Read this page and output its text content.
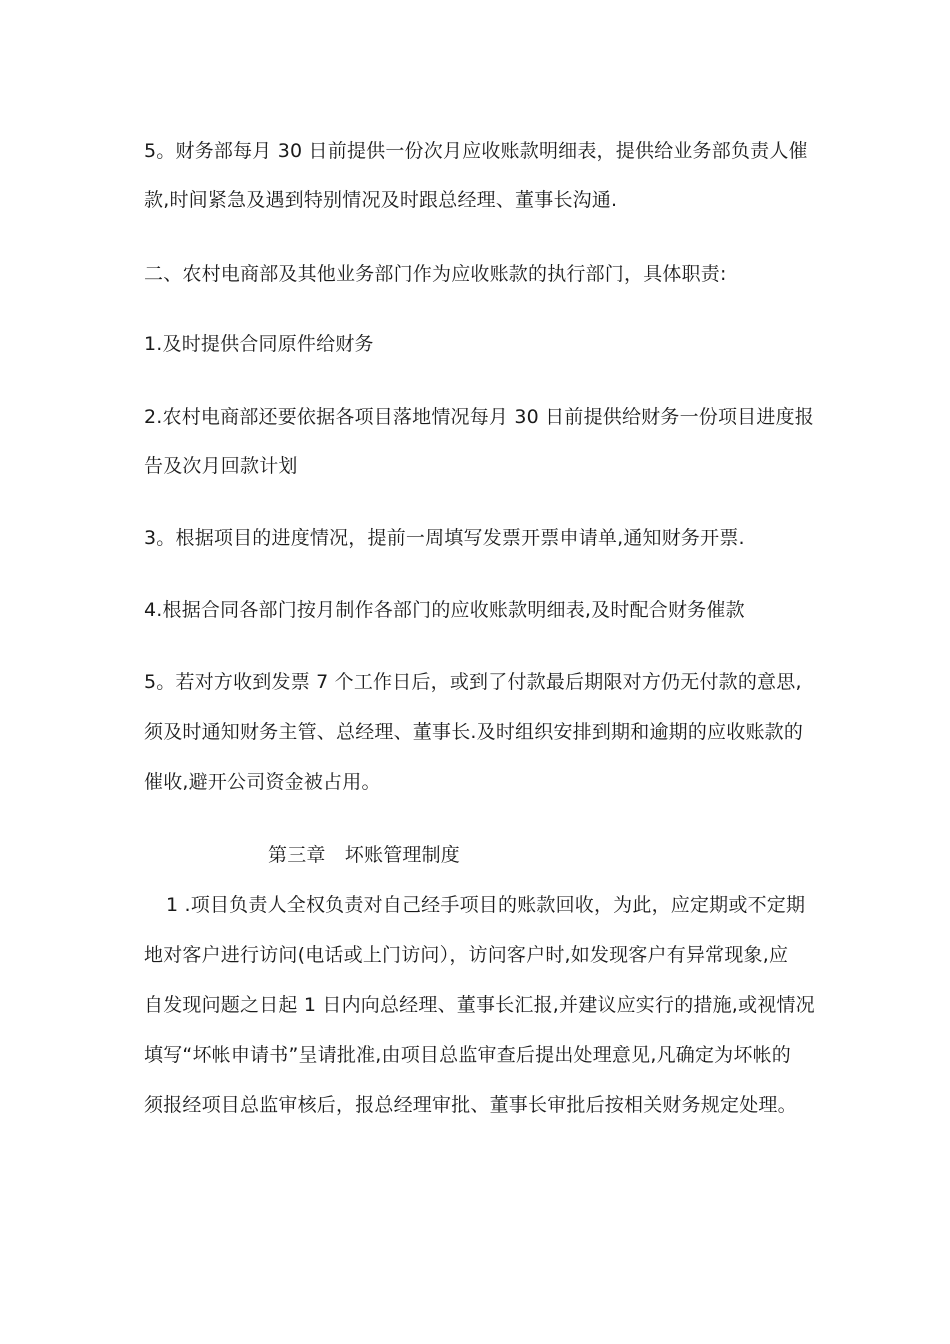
5。财务部每月 30 日前提供一份次月应收账款明细表，提供给业务部负责人催
款,时间紧急及遇到特别情况及时跟总经理、董事长沟通.
二、农村电商部及其他业务部门作为应收账款的执行部门，具体职责:
1.及时提供合同原件给财务
2.农村电商部还要依据各项目落地情况每月 30 日前提供给财务一份项目进度报
告及次月回款计划
3。根据项目的进度情况，提前一周填写发票开票申请单,通知财务开票.
4.根据合同各部门按月制作各部门的应收账款明细表,及时配合财务催款
5。若对方收到发票 7 个工作日后，或到了付款最后期限对方仍无付款的意思,
须及时通知财务主管、总经理、董事长.及时组织安排到期和逾期的应收账款的
催收,避开公司资金被占用。
第三章　坏账管理制度
1 .项目负责人全权负责对自己经手项目的账款回收，为此，应定期或不定期
地对客户进行访问(电话或上门访问），访问客户时,如发现客户有异常现象,应
自发现问题之日起 1 日内向总经理、董事长汇报,并建议应实行的措施,或视情况
填写“坏帐申请书”呈请批准,由项目总监审查后提出处理意见,凡确定为坏帐的
须报经项目总监审核后，报总经理审批、董事长审批后按相关财务规定处理。
